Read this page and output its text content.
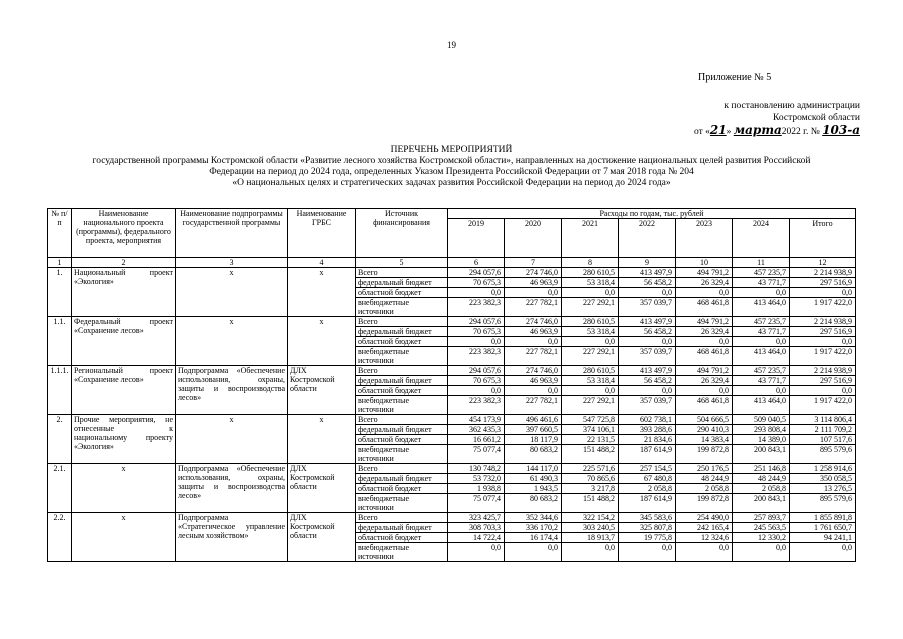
19
Приложение № 5
к постановлению администрации
Костромской области
от «21» марта2022 г. № 103-а
ПЕРЕЧЕНЬ МЕРОПРИЯТИЙ
государственной программы Костромской области «Развитие лесного хозяйства Костромской области», направленных на достижение национальных целей развития Российской
Федерации на период до 2024 года, определенных Указом Президента Российской Федерации от 7 мая 2018 года № 204
«О национальных целях и стратегических задачах развития Российской Федерации на период до 2024 года»
№ п/п	Наименование национального проекта (программы), федерального проекта, мероприятия	Наименование подпрограммы государственной программы	Наименование ГРБС	Источник финансирования	Расходы по годам, тыс. рублей						
					2019	2020	2021	2022	2023	2024	Итого
1	2	3	4	5	6	7	8	9	10	11	12
1.	Национальный проект «Экология»	х	х	Всего	294 057,6	274 746,0	280 610,5	413 497,9	494 791,2	457 235,7	2 214 938,9
				федеральный бюджет	70 675,3	46 963,9	53 318,4	56 458,2	26 329,4	43 771,7	297 516,9
				областной бюджет	0,0	0,0	0,0	0,0	0,0	0,0	0,0
				внебюджетные источники	223 382,3	227 782,1	227 292,1	357 039,7	468 461,8	413 464,0	1 917 422,0
1.1.	Федеральный проект «Сохранение лесов»	х	х	Всего	294 057,6	274 746,0	280 610,5	413 497,9	494 791,2	457 235,7	2 214 938,9
				федеральный бюджет	70 675,3	46 963,9	53 318,4	56 458,2	26 329,4	43 771,7	297 516,9
				областной бюджет	0,0	0,0	0,0	0,0	0,0	0,0	0,0
				внебюджетные источники	223 382,3	227 782,1	227 292,1	357 039,7	468 461,8	413 464,0	1 917 422,0
1.1.1.	Региональный проект «Сохранение лесов»	Подпрограмма «Обеспечение использования, охраны, защиты и воспроизводства лесов»	ДЛХ Костромской области	Всего	294 057,6	274 746,0	280 610,5	413 497,9	494 791,2	457 235,7	2 214 938,9
				федеральный бюджет	70 675,3	46 963,9	53 318,4	56 458,2	26 329,4	43 771,7	297 516,9
				областной бюджет	0,0	0,0	0,0	0,0	0,0	0,0	0,0
				внебюджетные источники	223 382,3	227 782,1	227 292,1	357 039,7	468 461,8	413 464,0	1 917 422,0
2.	Прочие мероприятия, не отнесенные к национальному проекту «Экология»	х	х	Всего	454 173,9	496 461,6	547 725,8	602 738,1	504 666,5	509 040,5	3 114 806,4
				федеральный бюджет	362 435,3	397 660,5	374 106,1	393 288,6	290 410,3	293 808,4	2 111 709,2
				областной бюджет	16 661,2	18 117,9	22 131,5	21 834,6	14 383,4	14 389,0	107 517,6
				внебюджетные источники	75 077,4	80 683,2	151 488,2	187 614,9	199 872,8	200 843,1	895 579,6
2.1.	х	Подпрограмма «Обеспечение использования, охраны, защиты и воспроизводства лесов»	ДЛХ Костромской области	Всего	130 748,2	144 117,0	225 571,6	257 154,5	250 176,5	251 146,8	1 258 914,6
				федеральный бюджет	53 732,0	61 490,3	70 865,6	67 480,8	48 244,9	48 244,9	350 058,5
				областной бюджет	1 938,8	1 943,5	3 217,8	2 058,8	2 058,8	2 058,8	13 276,5
				внебюджетные источники	75 077,4	80 683,2	151 488,2	187 614,9	199 872,8	200 843,1	895 579,6
2.2.	х	Подпрограмма «Стратегическое управление лесным хозяйством»	ДЛХ Костромской области	Всего	323 425,7	352 344,6	322 154,2	345 583,6	254 490,0	257 893,7	1 855 891,8
				федеральный бюджет	308 703,3	336 170,2	303 240,5	325 807,8	242 165,4	245 563,5	1 761 650,7
				областной бюджет	14 722,4	16 174,4	18 913,7	19 775,8	12 324,6	12 330,2	94 241,1
				внебюджетные источники	0,0	0,0	0,0	0,0	0,0	0,0	0,0
